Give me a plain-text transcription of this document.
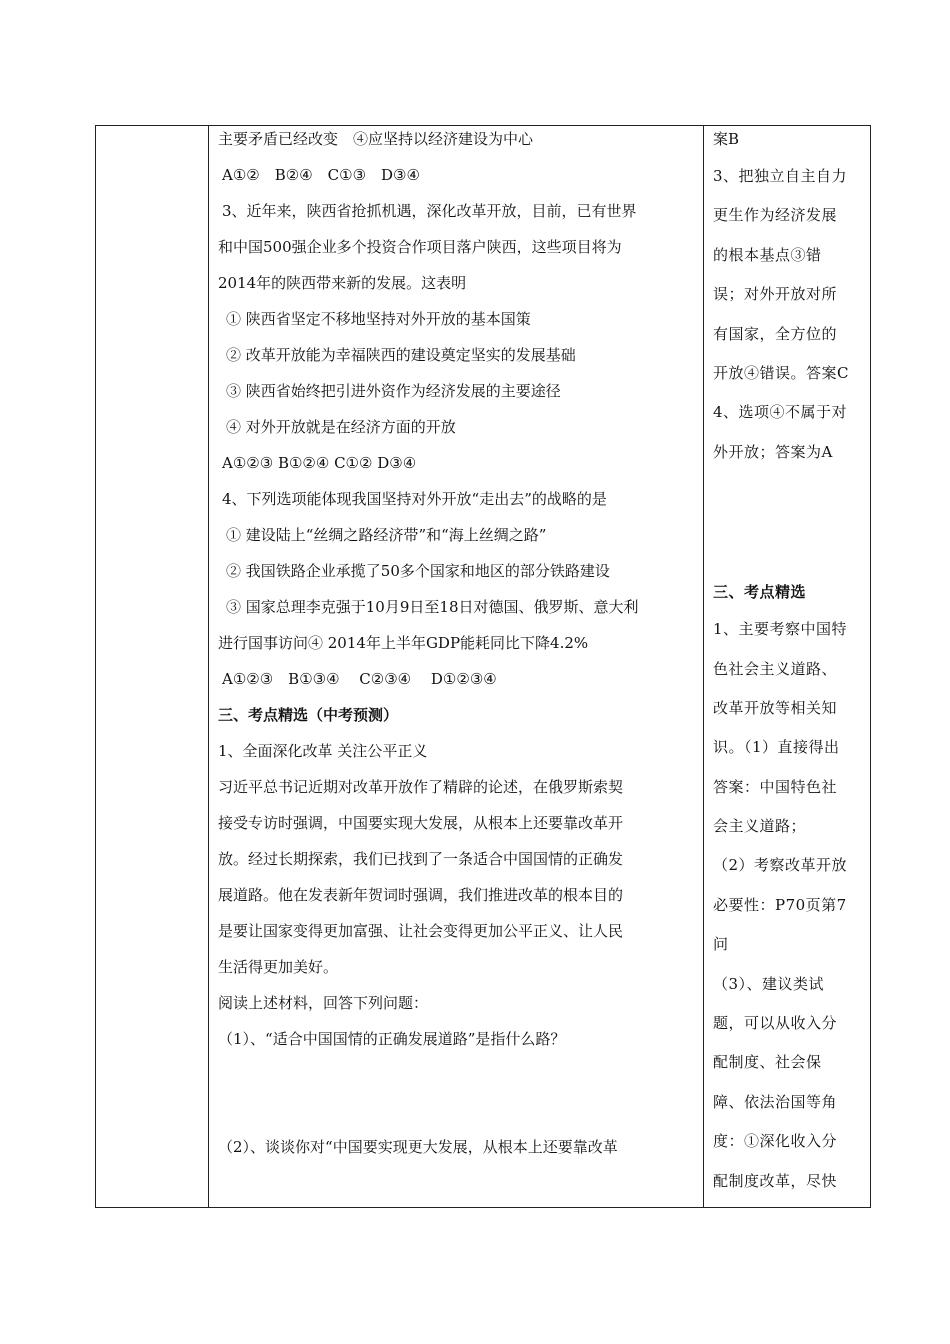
主要矛盾已经改变　④应坚持以经济建设为中心
A①②　B②④　C①③　D③④
3、近年来，陕西省抢抓机遇，深化改革开放，目前，已有世界
和中国500强企业多个投资合作项目落户陕西，这些项目将为
2014年的陕西带来新的发展。这表明
① 陕西省坚定不移地坚持对外开放的基本国策
② 改革开放能为幸福陕西的建设奠定坚实的发展基础
③ 陕西省始终把引进外资作为经济发展的主要途径
④ 对外开放就是在经济方面的开放
A①②③ B①②④ C①② D③④
4、下列选项能体现我国坚持对外开放“走出去”的战略的是
① 建设陆上“丝绸之路经济带”和“海上丝绸之路”
② 我国铁路企业承揽了50多个国家和地区的部分铁路建设
③ 国家总理李克强于10月9日至18日对德国、俄罗斯、意大利
进行国事访问④ 2014年上半年GDP能耗同比下降4.2%
A①②③　B①③④　 C②③④　 D①②③④
三、考点精选（中考预测）
1、全面深化改革 关注公平正义
习近平总书记近期对改革开放作了精辟的论述，在俄罗斯索契
接受专访时强调，中国要实现大发展，从根本上还要靠改革开
放。经过长期探索，我们已找到了一条适合中国国情的正确发
展道路。他在发表新年贺词时强调，我们推进改革的根本目的
是要让国家变得更加富强、让社会变得更加公平正义、让人民
生活得更加美好。
阅读上述材料，回答下列问题：
（1）、“适合中国国情的正确发展道路”是指什么路？
（2）、谈谈你对“中国要实现更大发展，从根本上还要靠改革
案B
3、把独立自主自力
更生作为经济发展
的根本基点③错
误；对外开放对所
有国家，全方位的
开放④错误。答案C
4、选项④不属于对
外开放；答案为A
三、考点精选
1、主要考察中国特
色社会主义道路、
改革开放等相关知
识。（1）直接得出
答案：中国特色社
会主义道路；
（2）考察改革开放
必要性：P70页第7
问
（3）、建议类试
题，可以从收入分
配制度、社会保
障、依法治国等角
度：①深化收入分
配制度改革，尽快
